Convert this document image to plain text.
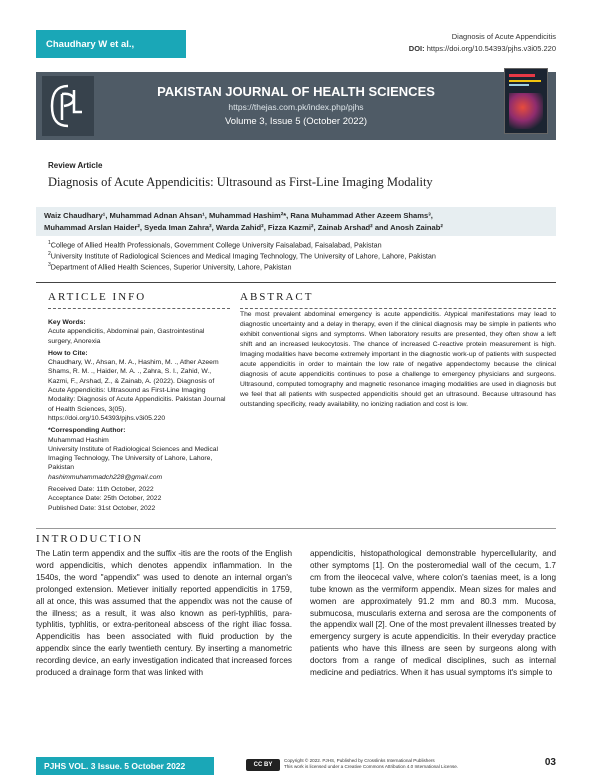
Chaudhary W et al.,
Diagnosis of Acute Appendicitis
DOI: https://doi.org/10.54393/pjhs.v3i05.220
PAKISTAN JOURNAL OF HEALTH SCIENCES
https://thejas.com.pk/index.php/pjhs
Volume 3, Issue 5 (October 2022)
Review Article
Diagnosis of Acute Appendicitis: Ultrasound as First-Line Imaging Modality
Waiz Chaudhary¹, Muhammad Adnan Ahsan¹, Muhammad Hashim²*, Rana Muhammad Ather Azeem Shams³,
Muhammad Arslan Haider², Syeda Iman Zahra², Warda Zahid², Fizza Kazmi², Zainab Arshad² and Anosh Zainab²
$^1$College of Allied Health Professionals, Government College University Faisalabad, Faisalabad, Pakistan
$^2$University Institute of Radiological Sciences and Medical Imaging Technology, The University of Lahore, Lahore, Pakistan
$^3$Department of Allied Health Sciences, Superior University, Lahore, Pakistan
ARTICLE INFO	ABSTRACT
Key Words:
Acute appendicitis, Abdominal pain, Gastrointestinal surgery, Anorexia
How to Cite:
Chaudhary, W., Ahsan, M. A., Hashim, M. ., Ather Azeem Shams, R. M. ., Haider, M. A. ., Zahra, S. I., Zahid, W., Kazmi, F., Arshad, Z., & Zainab, A. (2022). Diagnosis of Acute Appendicitis: Ultrasound as First-Line Imaging Modality: Diagnosis of Acute Appendicitis. Pakistan Journal of Health Sciences, 3(05). https://doi.org/10.54393/pjhs.v3i05.220
*Corresponding Author:
Muhammad Hashim
University Institute of Radiological Sciences and Medical Imaging Technology, The University of Lahore, Lahore, Pakistan
hashimmuhammadch228@gmail.com
Received Date: 11th October, 2022
Acceptance Date: 25th October, 2022
Published Date: 31st October, 2022
The most prevalent abdominal emergency is acute appendicitis. Atypical manifestations may lead to diagnostic uncertainty and a delay in therapy, even if the clinical diagnosis may be simple in patients who exhibit conventional signs and symptoms. When laboratory results are presented, they often show a left shift and an increased leukocytosis. The chance of increased C-reactive protein measurement is high. Imaging modalities have become extremely important in the diagnostic work-up of patients with suspected acute appendicitis in order to maintain the low rate of negative appendectomy because the clinical diagnosis of acute appendicitis continues to pose a challenge to emergency physicians and surgeons. Ultrasound, computed tomography and magnetic resonance imaging modalities are used in diagnosis but we feel that all patients with suspected appendicitis should get an ultrasound. Because ultrasound has outstanding specificity, ready availability, no ionizing radiation and cost is low.
INTRODUCTION
The Latin term appendix and the suffix -itis are the roots of the English word appendicitis, which denotes appendix inflammation. In the 1540s, the word "appendix" was used to denote an internal organ's prolonged extension. Metiever initially reported appendicitis in 1759, all at once, this was assumed that the appendix was not the cause of the illness; as a result, it was also known as peri-typhlitis, para-typhlitis, typhlitis, or extra-peritoneal abscess of the right iliac fossa. Appendicitis has been associated with fluid production by the appendix since the early twentieth century. By inserting a manometric recording device, an early investigation indicated that increased forces produced a drainage form that was linked with
appendicitis, histopathological demonstrable hypercellularity, and other symptoms [1]. On the posteromedial wall of the cecum, 1.7 cm from the ileocecal valve, where colon's taenias meet, is a long tube known as the vermiform appendix. Mean sizes for males and women are approximately 91.2 mm and 80.3 mm. Mucosa, submucosa, muscularis externa and serosa are the components of the appendix wall [2]. One of the most prevalent illnesses treated by emergency surgery is acute appendicitis. In their everyday practice patients who have this illness are seen by surgeons along with doctors from a range of medical disciplines, such as internal medicine and pediatrics. When it has usual symptoms it's simple to
PJHS VOL. 3 Issue. 5 October 2022	CC BY
Copyright © 2022. PJHS, Published by Crosslinks International Publishers
This work is licensed under a Creative Commons Attribution 4.0 International License.	03
